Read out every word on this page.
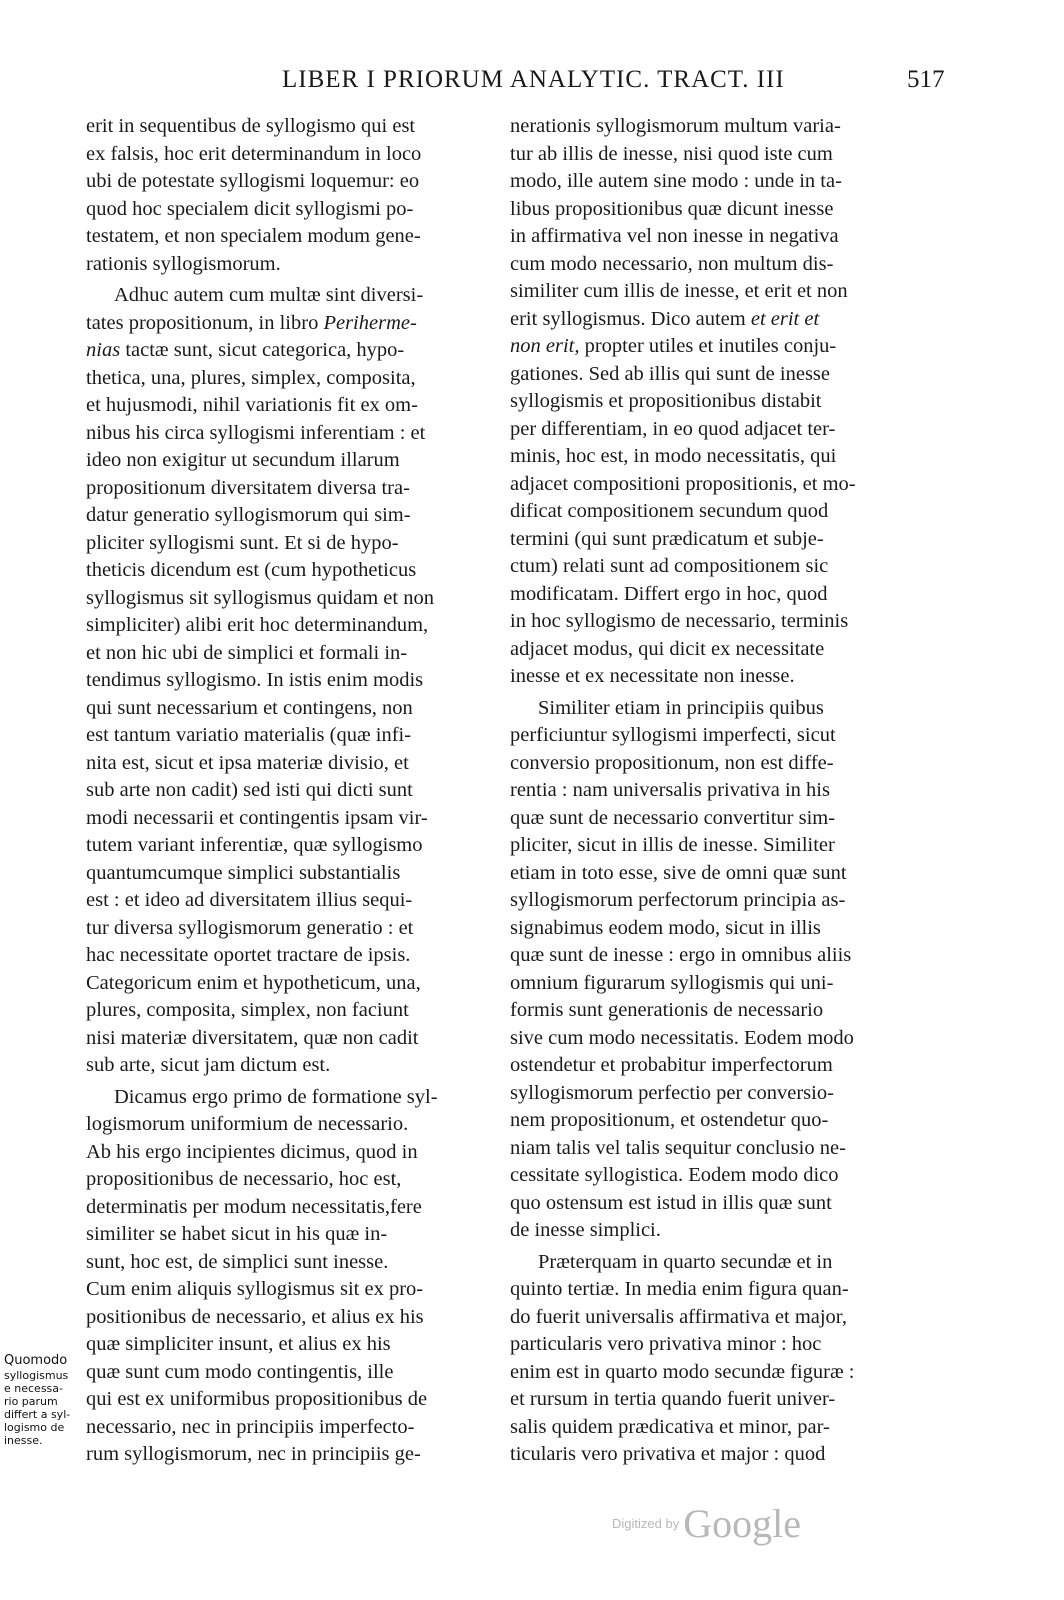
LIBER I PRIORUM ANALYTIC. TRACT. III	517

erit in sequentibus de syllogismo qui est
ex falsis, hoc erit determinandum in loco
ubi de potestate syllogismi loquemur: eo
quod hoc specialem dicit syllogismi po-
testatem, et non specialem modum gene-
rationis syllogismorum.

Adhuc autem cum multæ sint diversi-
tates propositionum, in libro Periherme-
nias tactæ sunt, sicut categorica, hypo-
thetica, una, plures, simplex, composita,
et hujusmodi, nihil variationis fit ex om-
nibus his circa syllogismi inferentiam : et
ideo non exigitur ut secundum illarum
propositionum diversitatem diversa tra-
datur generatio syllogismorum qui sim-
pliciter syllogismi sunt. Et si de hypo-
theticis dicendum est (cum hypotheticus
syllogismus sit syllogismus quidam et non
simpliciter) alibi erit hoc determinandum,
et non hic ubi de simplici et formali in-
tendimus syllogismo. In istis enim modis
qui sunt necessarium et contingens, non
est tantum variatio materialis (quæ infi-
nita est, sicut et ipsa materiæ divisio, et
sub arte non cadit) sed isti qui dicti sunt
modi necessarii et contingentis ipsam vir-
tutem variant inferentiæ, quæ syllogismo
quantumcumque simplici substantialis
est : et ideo ad diversitatem illius sequi-
tur diversa syllogismorum generatio : et
hac necessitate oportet tractare de ipsis.
Categoricum enim et hypotheticum, una,
plures, composita, simplex, non faciunt
nisi materiæ diversitatem, quæ non cadit
sub arte, sicut jam dictum est.

Dicamus ergo primo de formatione syl-
logismorum uniformium de necessario.
Ab his ergo incipientes dicimus, quod in
propositionibus de necessario, hoc est,
determinatis per modum necessitatis,fere
similiter se habet sicut in his quæ in-
sunt, hoc est, de simplici sunt inesse.
Cum enim aliquis syllogismus sit ex pro-
positionibus de necessario, et alius ex his
quæ simpliciter insunt, et alius ex his
quæ sunt cum modo contingentis, ille
qui est ex uniformibus propositionibus de
necessario, nec in principiis imperfecto-
rum syllogismorum, nec in principiis ge-

nerationis syllogismorum multum varia-
tur ab illis de inesse, nisi quod iste cum
modo, ille autem sine modo : unde in ta-
libus propositionibus quæ dicunt inesse
in affirmativa vel non inesse in negativa
cum modo necessario, non multum dis-
similiter cum illis de inesse, et erit et non
erit syllogismus. Dico autem et erit et
non erit, propter utiles et inutiles conju-
gationes. Sed ab illis qui sunt de inesse
syllogismis et propositionibus distabit
per differentiam, in eo quod adjacet ter-
minis, hoc est, in modo necessitatis, qui
adjacet compositioni propositionis, et mo-
dificat compositionem secundum quod
termini (qui sunt prædicatum et subje-
ctum) relati sunt ad compositionem sic
modificatam. Differt ergo in hoc, quod
in hoc syllogismo de necessario, terminis
adjacet modus, qui dicit ex necessitate
inesse et ex necessitate non inesse.

Similiter etiam in principiis quibus
perficiuntur syllogismi imperfecti, sicut
conversio propositionum, non est diffe-
rentia : nam universalis privativa in his
quæ sunt de necessario convertitur sim-
pliciter, sicut in illis de inesse. Similiter
etiam in toto esse, sive de omni quæ sunt
syllogismorum perfectorum principia as-
signabimus eodem modo, sicut in illis
quæ sunt de inesse : ergo in omnibus aliis
omnium figurarum syllogismis qui uni-
formis sunt generationis de necessario
sive cum modo necessitatis. Eodem modo
ostendetur et probabitur imperfectorum
syllogismorum perfectio per conversio-
nem propositionum, et ostendetur quo-
niam talis vel talis sequitur conclusio ne-
cessitate syllogistica. Eodem modo dico
quo ostensum est istud in illis quæ sunt
de inesse simplici.

Præterquam in quarto secundæ et in
quinto tertiæ. In media enim figura quan-
do fuerit universalis affirmativa et major,
particularis vero privativa minor : hoc
enim est in quarto modo secundæ figuræ :
et rursum in tertia quando fuerit univer-
salis quidem prædicativa et minor, par-
ticularis vero privativa et major : quod

Quomodo
syllogismus
e necessa-
rio parum
differt a syl-
logismo de
inesse.
Digitized by Google
